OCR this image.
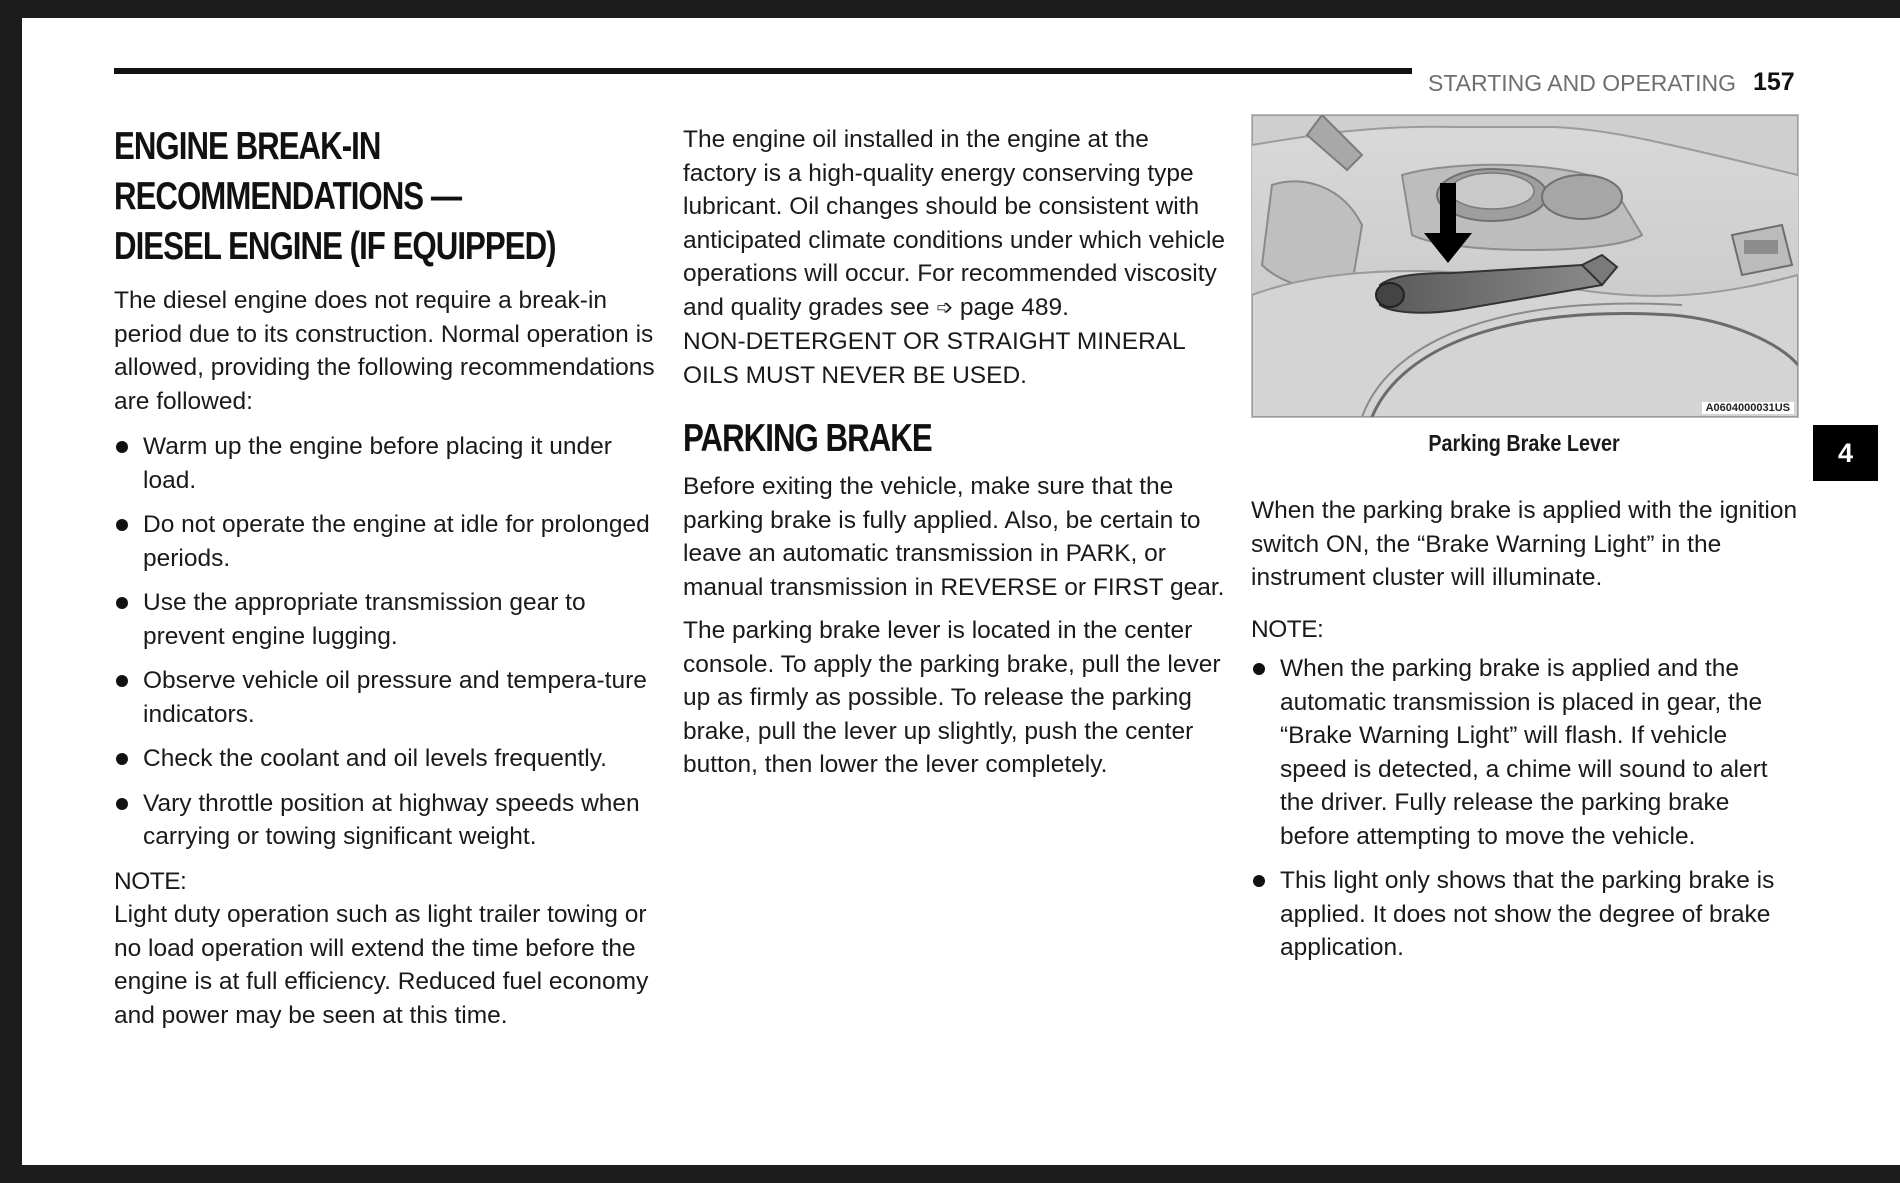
STARTING AND OPERATING 157
ENGINE BREAK-IN RECOMMENDATIONS —
DIESEL ENGINE (IF EQUIPPED)

The diesel engine does not require a break-in period due to its construction. Normal operation is allowed, providing the following recommendations are followed:

Warm up the engine before placing it under load.
Do not operate the engine at idle for prolonged periods.
Use the appropriate transmission gear to prevent engine lugging.
Observe vehicle oil pressure and tempera-ture indicators.
Check the coolant and oil levels frequently.
Vary throttle position at highway speeds when carrying or towing significant weight.

NOTE:

Light duty operation such as light trailer towing or no load operation will extend the time before the engine is at full efficiency. Reduced fuel economy and power may be seen at this time.

The engine oil installed in the engine at the factory is a high-quality energy conserving type lubricant. Oil changes should be consistent with anticipated climate conditions under which vehicle operations will occur. For recommended viscosity and quality grades see ➩ page 489.

NON-DETERGENT OR STRAIGHT MINERAL OILS MUST NEVER BE USED.

PARKING BRAKE

Before exiting the vehicle, make sure that the parking brake is fully applied. Also, be certain to leave an automatic transmission in PARK, or manual transmission in REVERSE or FIRST gear.

The parking brake lever is located in the center console. To apply the parking brake, pull the lever up as firmly as possible. To release the parking brake, pull the lever up slightly, push the center button, then lower the lever completely.

A0604000031US
Parking Brake Lever

When the parking brake is applied with the ignition switch ON, the “Brake Warning Light” in the instrument cluster will illuminate.

NOTE:

When the parking brake is applied and the automatic transmission is placed in gear, the “Brake Warning Light” will flash. If vehicle speed is detected, a chime will sound to alert the driver. Fully release the parking brake before attempting to move the vehicle.
This light only shows that the parking brake is applied. It does not show the degree of brake application.
4
